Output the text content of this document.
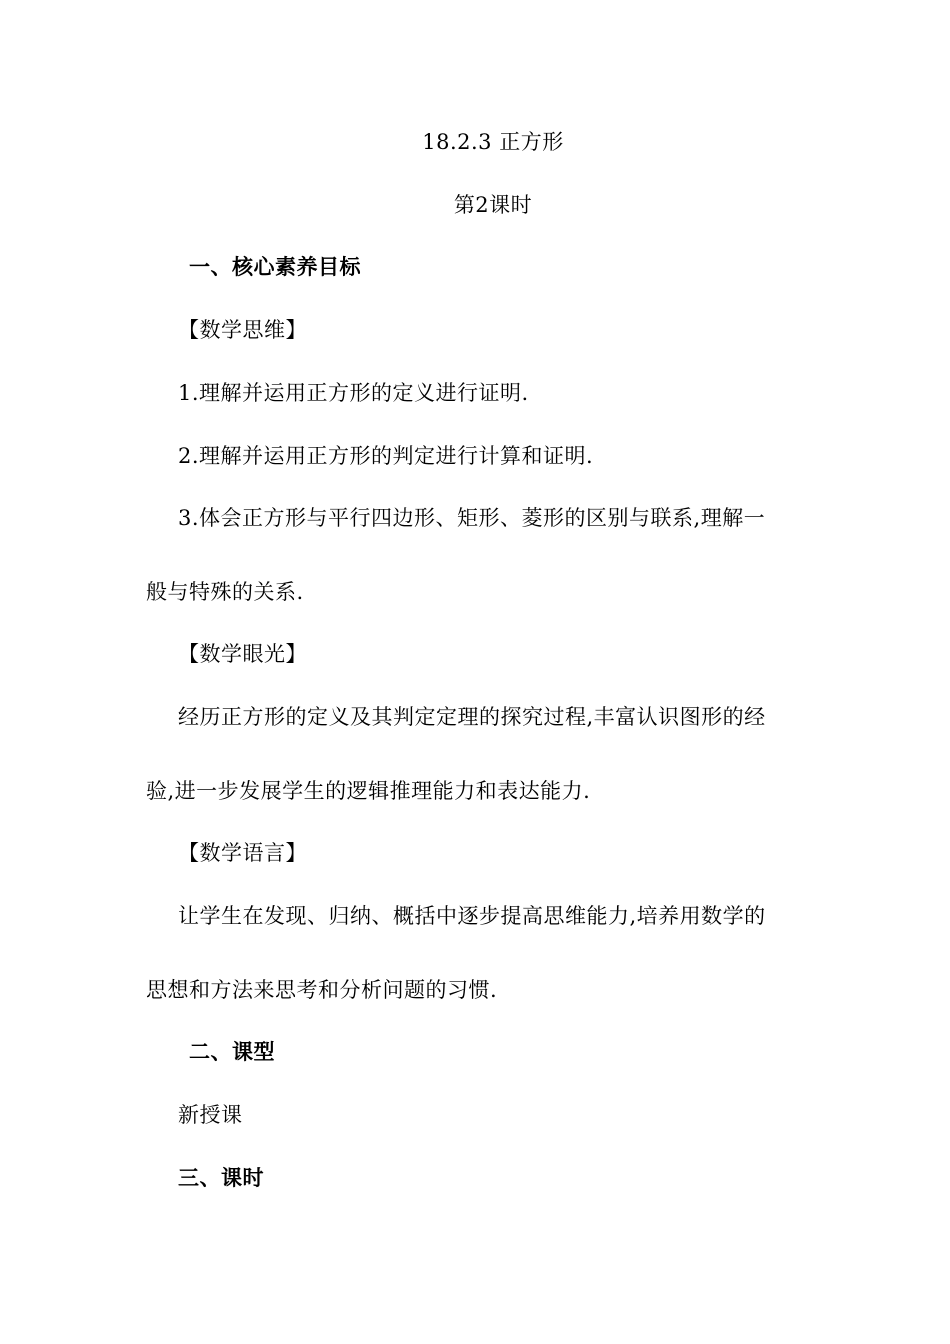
18.2.3 正方形
第2课时
一、核心素养目标
【数学思维】
1.理解并运用正方形的定义进行证明.
2.理解并运用正方形的判定进行计算和证明.
3.体会正方形与平行四边形、矩形、菱形的区别与联系,理解一
般与特殊的关系.
【数学眼光】
经历正方形的定义及其判定定理的探究过程,丰富认识图形的经
验,进一步发展学生的逻辑推理能力和表达能力.
【数学语言】
让学生在发现、归纳、概括中逐步提高思维能力,培养用数学的
思想和方法来思考和分析问题的习惯.
二、课型
新授课
三、课时
